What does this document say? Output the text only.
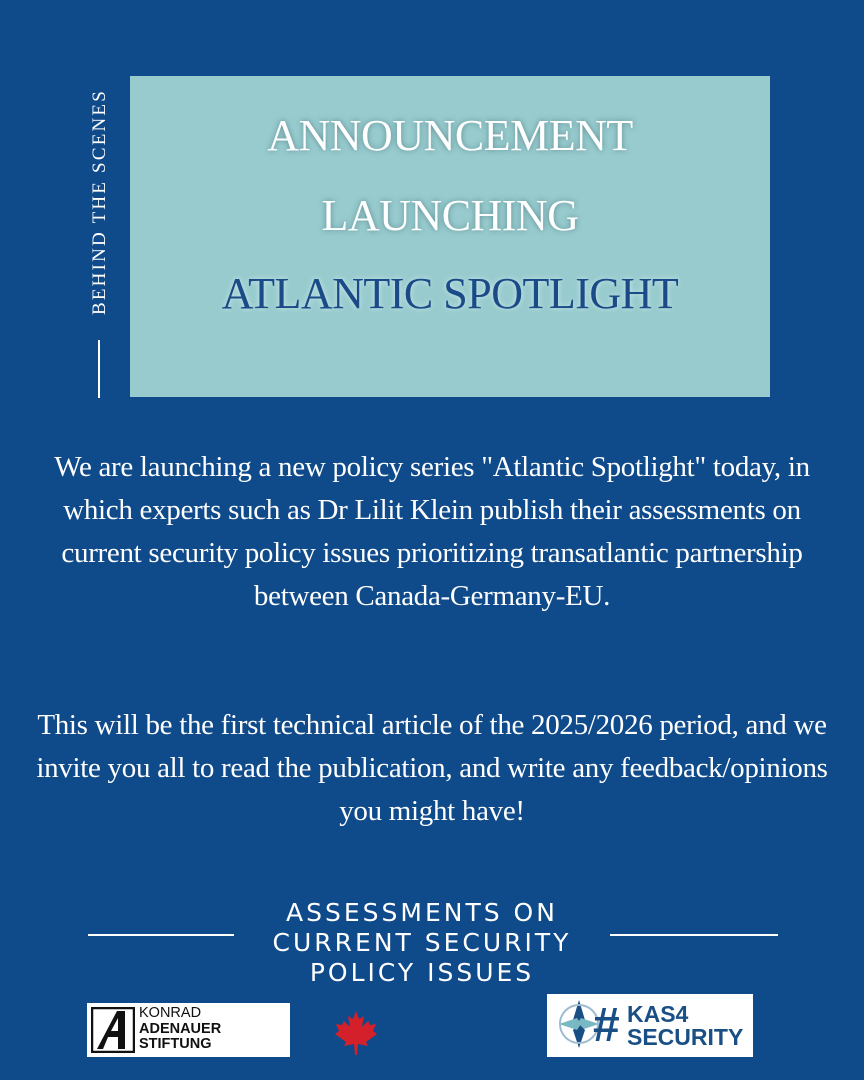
BEHIND THE SCENES	ANNOUNCEMENT
LAUNCHING
ATLANTIC SPOTLIGHT
We are launching a new policy series "Atlantic Spotlight" today, in which experts such as Dr Lilit Klein publish their assessments on current security policy issues prioritizing transatlantic partnership between Canada-Germany-EU.
This will be the first technical article of the 2025/2026 period, and we invite you all to read the publication, and write any feedback/opinions you might have!
ASSESSMENTS ON
CURRENT SECURITY
POLICY ISSUES
KONRAD
ADENAUER
STIFTUNG	# KAS4
SECURITY
